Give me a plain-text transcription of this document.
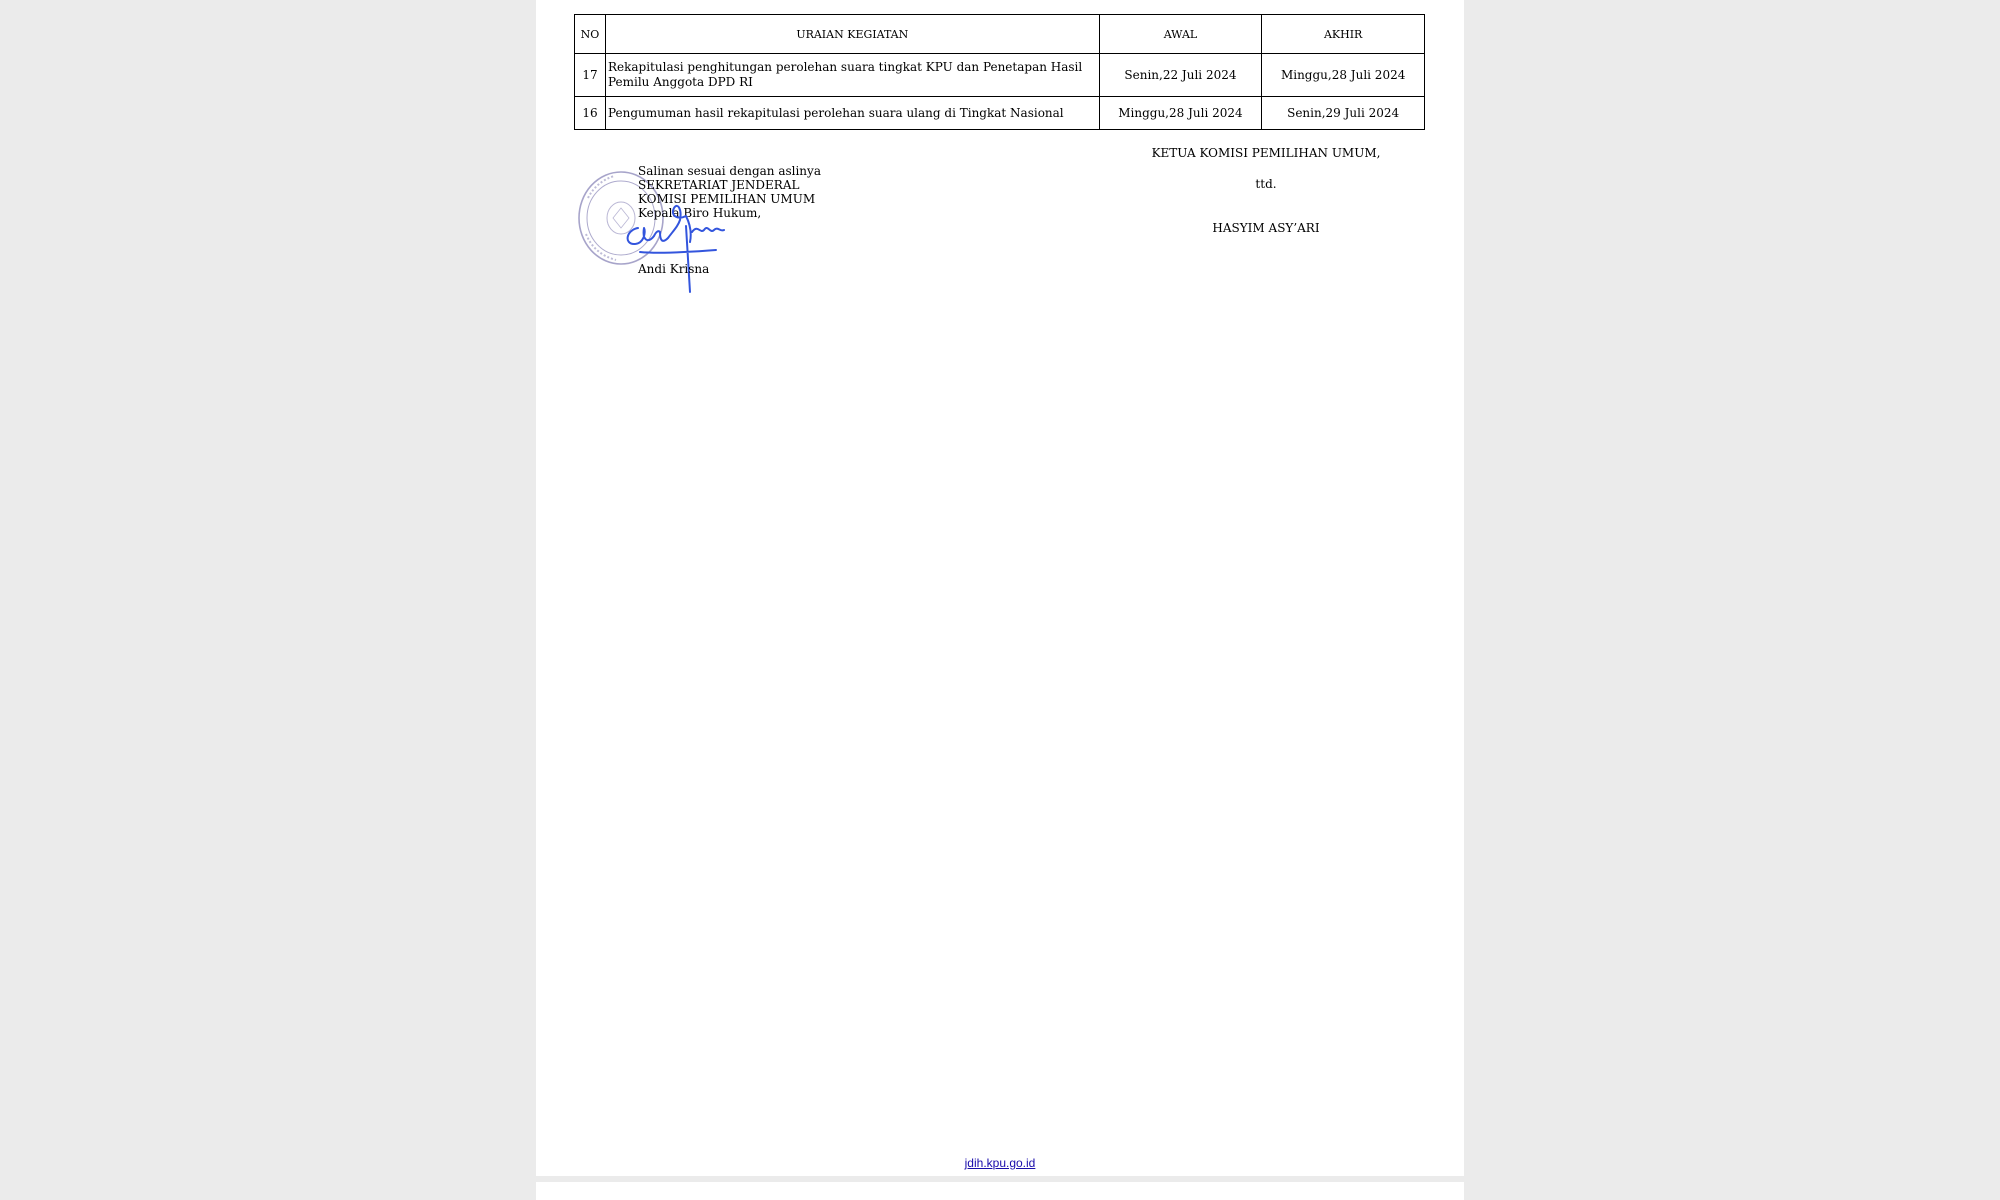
NO	URAIAN KEGIATAN	AWAL	AKHIR
17	Rekapitulasi penghitungan perolehan suara tingkat KPU dan Penetapan Hasil Pemilu Anggota DPD RI	Senin,22 Juli 2024	Minggu,28 Juli 2024
16	Pengumuman hasil rekapitulasi perolehan suara ulang di Tingkat Nasional	Minggu,28 Juli 2024	Senin,29 Juli 2024
Salinan sesuai dengan aslinya
SEKRETARIAT JENDERAL
KOMISI PEMILIHAN UMUM
Kepala Biro Hukum,
Andi Krisna
KETUA KOMISI PEMILIHAN UMUM,
ttd.
HASYIM ASY’ARI
jdih.kpu.go.id
